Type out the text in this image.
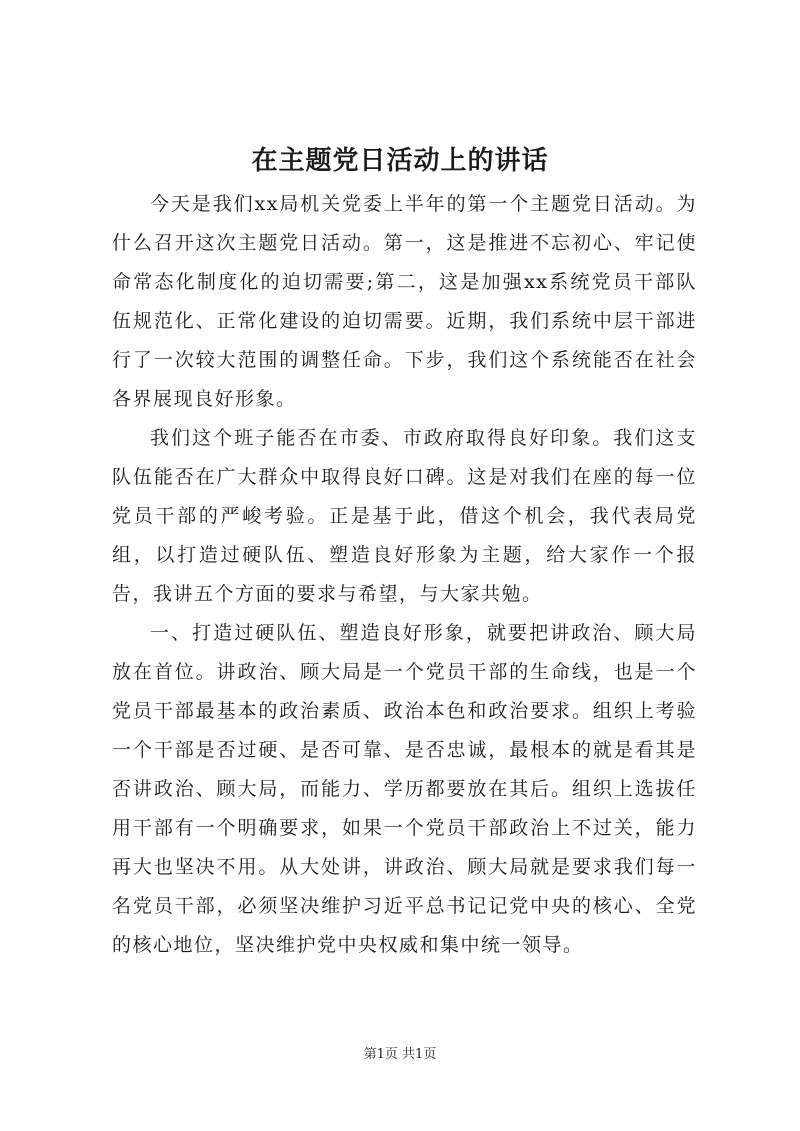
在主题党日活动上的讲话

今天是我们xx局机关党委上半年的第一个主题党日活动。为什么召开这次主题党日活动。第一，这是推进不忘初心、牢记使命常态化制度化的迫切需要;第二，这是加强xx系统党员干部队伍规范化、正常化建设的迫切需要。近期，我们系统中层干部进行了一次较大范围的调整任命。下步，我们这个系统能否在社会各界展现良好形象。

我们这个班子能否在市委、市政府取得良好印象。我们这支队伍能否在广大群众中取得良好口碑。这是对我们在座的每一位党员干部的严峻考验。正是基于此，借这个机会，我代表局党组，以打造过硬队伍、塑造良好形象为主题，给大家作一个报告，我讲五个方面的要求与希望，与大家共勉。

一、打造过硬队伍、塑造良好形象，就要把讲政治、顾大局放在首位。讲政治、顾大局是一个党员干部的生命线，也是一个党员干部最基本的政治素质、政治本色和政治要求。组织上考验一个干部是否过硬、是否可靠、是否忠诚，最根本的就是看其是否讲政治、顾大局，而能力、学历都要放在其后。组织上选拔任用干部有一个明确要求，如果一个党员干部政治上不过关，能力再大也坚决不用。从大处讲，讲政治、顾大局就是要求我们每一名党员干部，必须坚决维护习近平总书记记党中央的核心、全党的核心地位，坚决维护党中央权威和集中统一领导。

第1页 共1页
